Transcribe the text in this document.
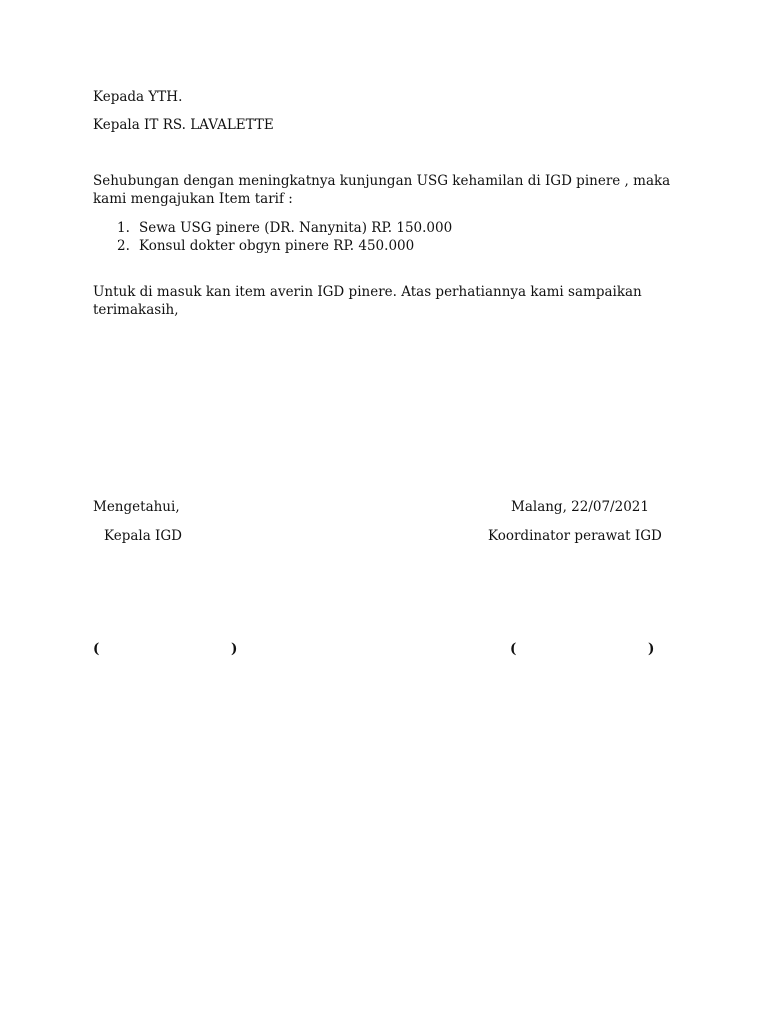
Kepada YTH.
Kepala IT RS. LAVALETTE
Sehubungan dengan meningkatnya kunjungan USG kehamilan di IGD pinere , maka
kami mengajukan Item tarif :
1. Sewa USG pinere (DR. Nanynita) RP. 150.000
2. Konsul dokter obgyn pinere RP. 450.000
Untuk di masuk kan item averin IGD pinere. Atas perhatiannya kami sampaikan
terimakasih,
Mengetahui,	Malang, 22/07/2021
Kepala IGD	Koordinator perawat IGD
(	)	(	)
